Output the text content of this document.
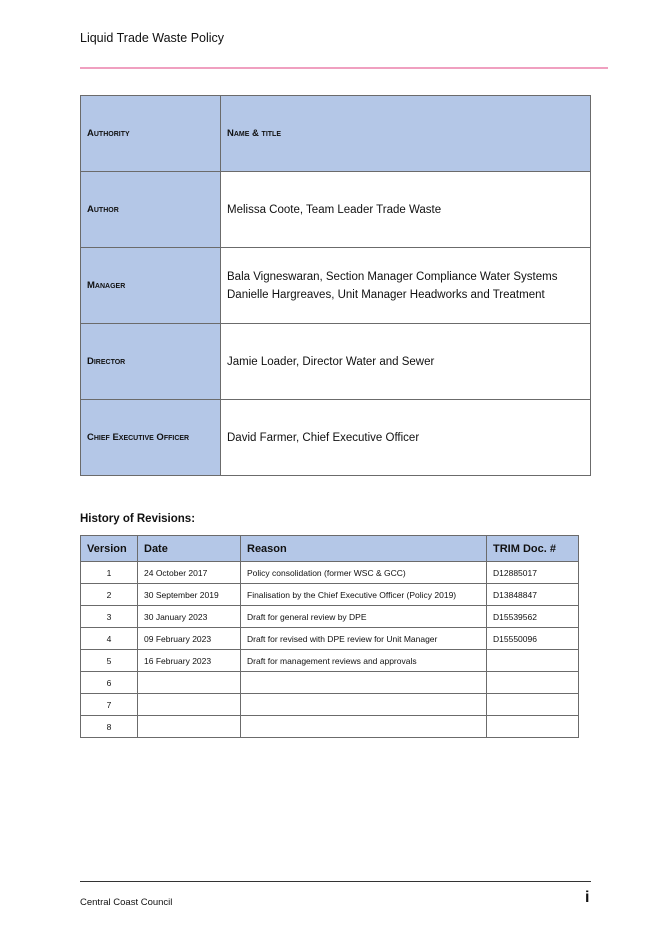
Liquid Trade Waste Policy
Authority	Name & title
Author	Melissa Coote, Team Leader Trade Waste

Manager	Bala Vigneswaran, Section Manager Compliance Water Systems
Danielle Hargreaves, Unit Manager Headworks and Treatment

Director	Jamie Loader, Director Water and Sewer

Chief Executive Officer	David Farmer, Chief Executive Officer
History of Revisions:
Version	Date	Reason	TRIM Doc. #
1	24 October 2017	Policy consolidation (former WSC & GCC)	D12885017
2	30 September 2019	Finalisation by the Chief Executive Officer (Policy 2019)	D13848847
3	30 January 2023	Draft for general review by DPE	D15539562
4	09 February 2023	Draft for revised with DPE review for Unit Manager	D15550096
5	16 February 2023	Draft for management reviews and approvals	
6			
7			
8			
Central Coast Council	i
